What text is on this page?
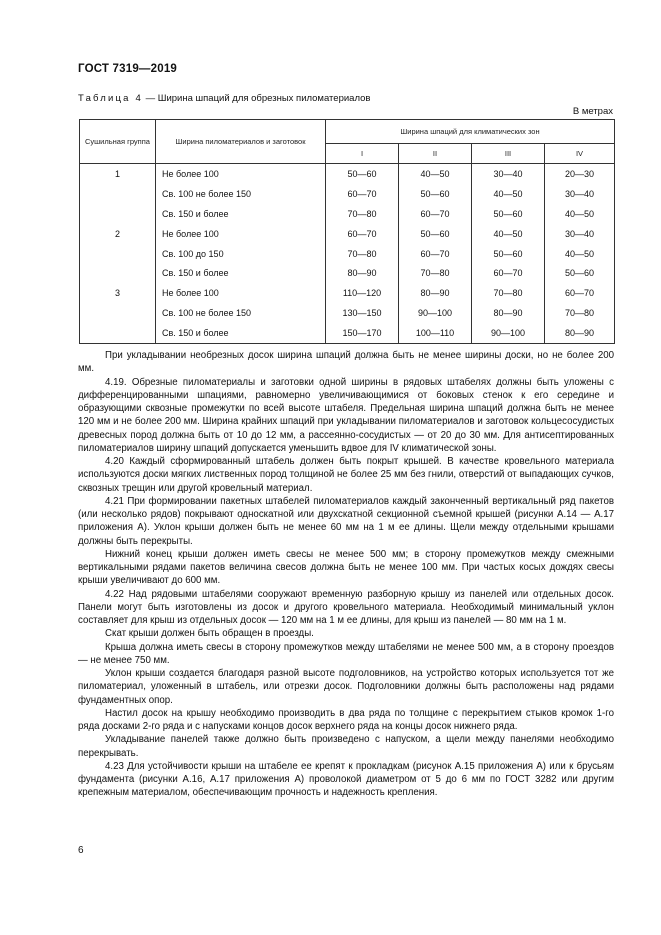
ГОСТ 7319—2019
Таблица 4 — Ширина шпаций для обрезных пиломатериалов
В метрах
Сушильная группа	Ширина пиломатериалов и заготовок	Ширина шпаций для климатических зон			
		I	II	III	IV
1	Не более 100	50—60	40—50	30—40	20—30
	Св. 100 не более 150	60—70	50—60	40—50	30—40
	Св. 150 и более	70—80	60—70	50—60	40—50
2	Не более 100	60—70	50—60	40—50	30—40
	Св. 100 до 150	70—80	60—70	50—60	40—50
	Св. 150 и более	80—90	70—80	60—70	50—60
3	Не более 100	110—120	80—90	70—80	60—70
	Св. 100 не более 150	130—150	90—100	80—90	70—80
	Св. 150 и более	150—170	100—110	90—100	80—90

При укладывании необрезных досок ширина шпаций должна быть не менее ширины доски, но не более 200 мм.

4.19. Обрезные пиломатериалы и заготовки одной ширины в рядовых штабелях должны быть уложены с дифференцированными шпациями, равномерно увеличивающимися от боковых стенок к его середине и образующими сквозные промежутки по всей высоте штабеля. Предельная ширина шпаций должна быть не менее 120 мм и не более 200 мм. Ширина крайних шпаций при укладывании пиломатериалов и заготовок кольцесосудистых древесных пород должна быть от 10 до 12 мм, а рассеянно-сосудистых — от 20 до 30 мм. Для антисептированных пиломатериалов ширину шпаций допускается уменьшить вдвое для IV климатической зоны.

4.20 Каждый сформированный штабель должен быть покрыт крышей. В качестве кровельного материала используются доски мягких лиственных пород толщиной не более 25 мм без гнили, отверстий от выпадающих сучков, сквозных трещин или другой кровельный материал.

4.21 При формировании пакетных штабелей пиломатериалов каждый законченный вертикальный ряд пакетов (или несколько рядов) покрывают односкатной или двухскатной секционной съемной крышей (рисунки А.14 — А.17 приложения А). Уклон крыши должен быть не менее 60 мм на 1 м ее длины. Щели между отдельными крышами должны быть перекрыты.

Нижний конец крыши должен иметь свесы не менее 500 мм; в сторону промежутков между смежными вертикальными рядами пакетов величина свесов должна быть не менее 100 мм. При частых косых дождях свесы крыши увеличивают до 600 мм.

4.22 Над рядовыми штабелями сооружают временную разборную крышу из панелей или отдельных досок. Панели могут быть изготовлены из досок и другого кровельного материала. Необходимый минимальный уклон составляет для крыш из отдельных досок — 120 мм на 1 м ее длины, для крыш из панелей — 80 мм на 1 м.

Скат крыши должен быть обращен в проезды.

Крыша должна иметь свесы в сторону промежутков между штабелями не менее 500 мм, а в сторону проездов — не менее 750 мм.

Уклон крыши создается благодаря разной высоте подголовников, на устройство которых используется тот же пиломатериал, уложенный в штабель, или отрезки досок. Подголовники должны быть расположены над рядами фундаментных опор.

Настил досок на крышу необходимо производить в два ряда по толщине с перекрытием стыков кромок 1-го ряда досками 2-го ряда и с напусками концов досок верхнего ряда на концы досок нижнего ряда.

Укладывание панелей также должно быть произведено с напуском, а щели между панелями необходимо перекрывать.

4.23 Для устойчивости крыши на штабеле ее крепят к прокладкам (рисунок А.15 приложения А) или к брусьям фундамента (рисунки А.16, А.17 приложения А) проволокой диаметром от 5 до 6 мм по ГОСТ 3282 или другим крепежным материалом, обеспечивающим прочность и надежность крепления.

6
